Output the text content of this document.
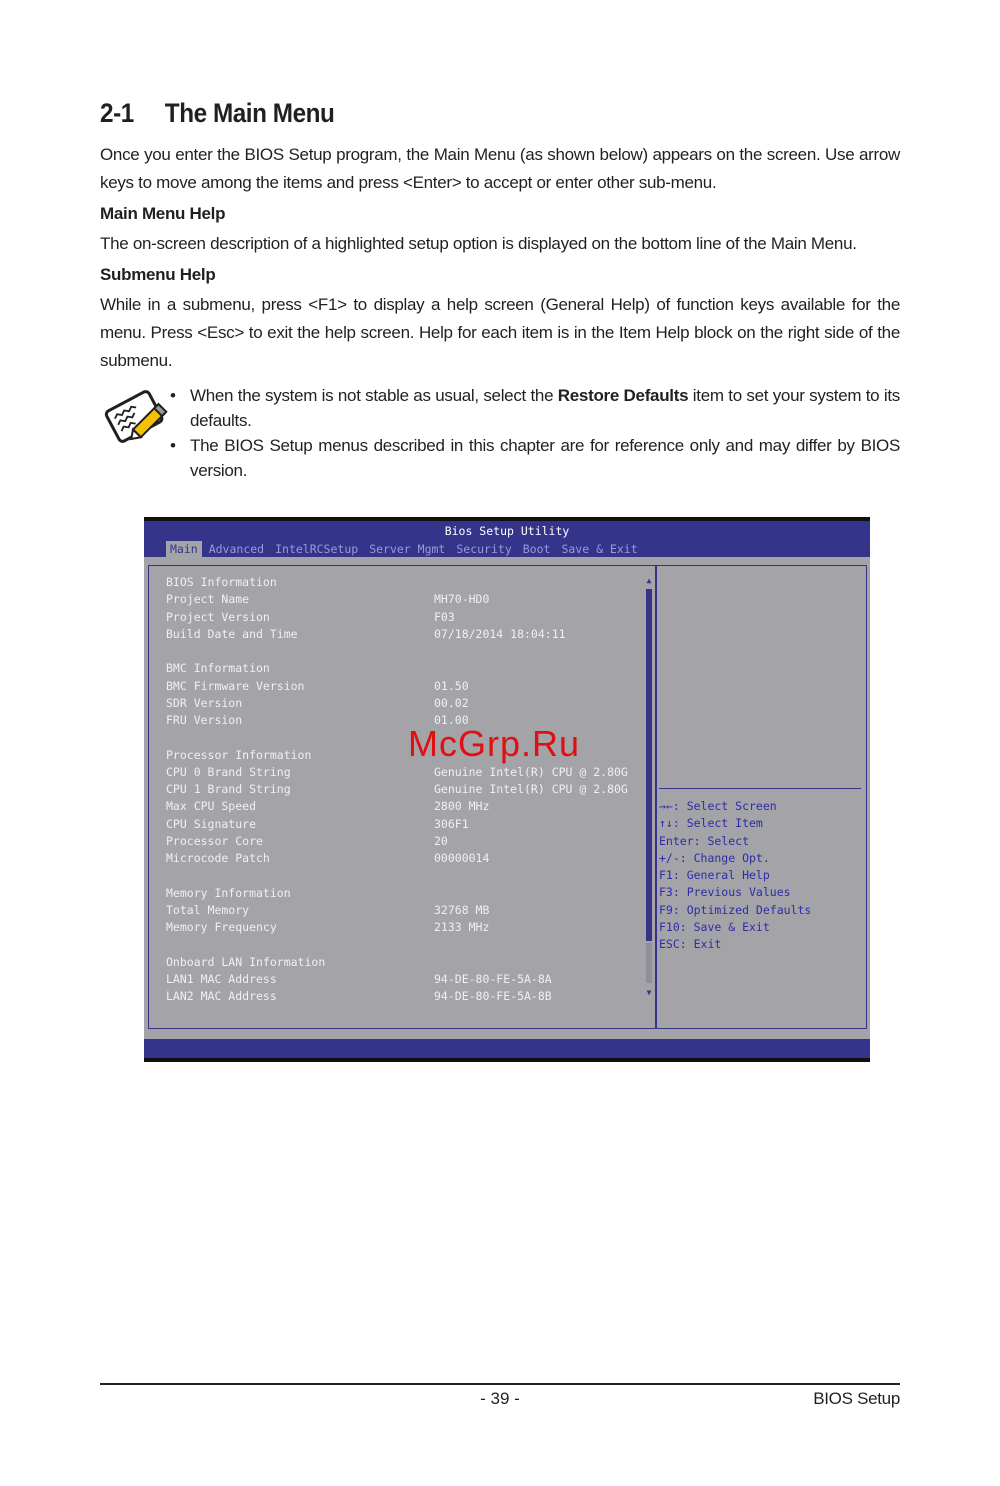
2-1 The Main Menu

Once you enter the BIOS Setup program, the Main Menu (as shown below) appears on the screen. Use arrow keys to move among the items and press <Enter> to accept or enter other sub-menu.

Main Menu Help

The on-screen description of a highlighted setup option is displayed on the bottom line of the Main Menu.

Submenu Help

While in a submenu, press <F1> to display a help screen (General Help) of function keys available for the menu. Press <Esc> to exit the help screen. Help for each item is in the Item Help block on the right side of the submenu.

• When the system is not stable as usual, select the Restore Defaults item to set your system to its defaults.
• The BIOS Setup menus described in this chapter are for reference only and may differ by BIOS version.
Bios Setup Utility
Main Advanced IntelRCSetup Server Mgmt Security Boot Save & Exit
BIOS Information
Project Name	MH70-HD0
Project Version	F03
Build Date and Time	07/18/2014 18:04:11
BMC Information
BMC Firmware Version	01.50
SDR Version	00.02
FRU Version	01.00
Processor Information
CPU 0 Brand String	Genuine Intel(R) CPU @ 2.80G
CPU 1 Brand String	Genuine Intel(R) CPU @ 2.80G
Max CPU Speed	2800 MHz
CPU Signature	306F1
Processor Core	20
Microcode Patch	00000014
Memory Information
Total Memory	32768 MB
Memory Frequency	2133 MHz
Onboard LAN Information
LAN1 MAC Address	94-DE-80-FE-5A-8A
LAN2 MAC Address	94-DE-80-FE-5A-8B
▲
▼
→←: Select Screen
↑↓: Select Item
Enter: Select
+/-: Change Opt.
F1: General Help
F3: Previous Values
F9: Optimized Defaults
F10: Save & Exit
ESC: Exit
McGrp.Ru
- 39 -	BIOS Setup
